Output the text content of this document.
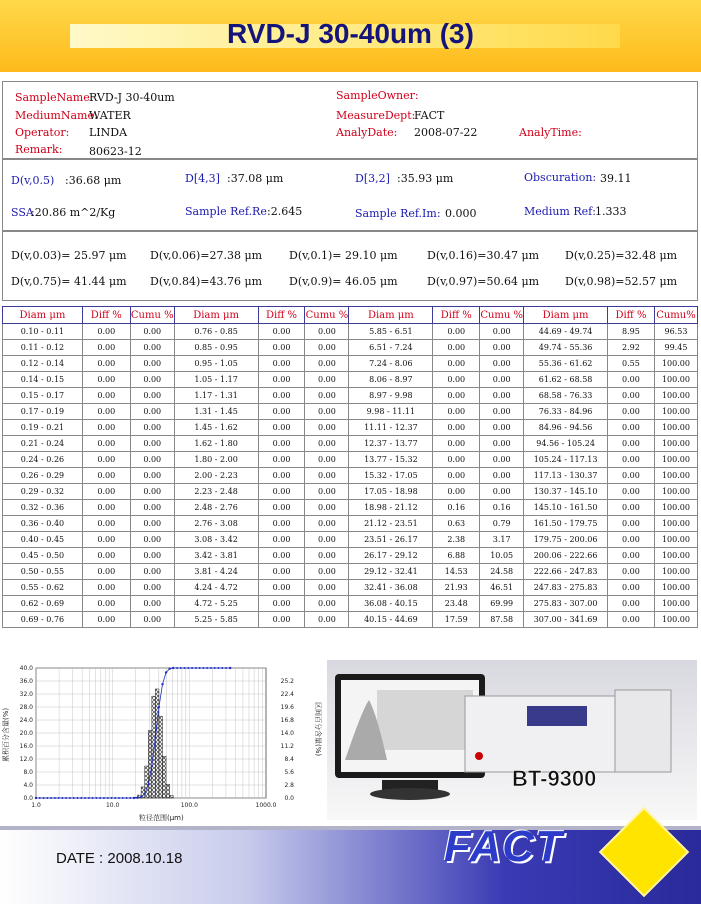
RVD-J 30-40um (3)
SampleName:
RVD-J 30-40um
MediumName:
WATER
Operator: LINDA
Remark: 80623-12
SampleOwner:
MeasureDept:
FACT
AnalyDate: 2008-07-22	AnalyTime:
D(v,0.5) :36.68 μm	D[4,3] :37.08 μm	D[3,2] :35.93 μm	Obscuration: 39.11
SSA
:20.86 m^2/Kg	Sample Ref.Re :2.645	Sample Ref.Im: 0.000	Medium Ref: 1.333
D(v,0.03)= 25.97 μm D(v,0.06)=27.38 μm D(v,0.1)= 29.10 μm	D(v,0.16)=30.47 μm D(v,0.25)=32.48 μm
D(v,0.75)= 41.44 μm D(v,0.84)=43.76 μm D(v,0.9)= 46.05 μm	D(v,0.97)=50.64 μm D(v,0.98)=52.57 μm
Diam μm	Diff %	Cumu %	Diam μm	Diff %	Cumu %	Diam μm	Diff %	Cumu %	Diam μm	Diff %	Cumu%
0.10 - 0.11	0.00	0.00	0.76 - 0.85	0.00	0.00	5.85 - 6.51	0.00	0.00	44.69 - 49.74	8.95	96.53
0.11 - 0.12	0.00	0.00	0.85 - 0.95	0.00	0.00	6.51 - 7.24	0.00	0.00	49.74 - 55.36	2.92	99.45
0.12 - 0.14	0.00	0.00	0.95 - 1.05	0.00	0.00	7.24 - 8.06	0.00	0.00	55.36 - 61.62	0.55	100.00
0.14 - 0.15	0.00	0.00	1.05 - 1.17	0.00	0.00	8.06 - 8.97	0.00	0.00	61.62 - 68.58	0.00	100.00
0.15 - 0.17	0.00	0.00	1.17 - 1.31	0.00	0.00	8.97 - 9.98	0.00	0.00	68.58 - 76.33	0.00	100.00
0.17 - 0.19	0.00	0.00	1.31 - 1.45	0.00	0.00	9.98 - 11.11	0.00	0.00	76.33 - 84.96	0.00	100.00
0.19 - 0.21	0.00	0.00	1.45 - 1.62	0.00	0.00	11.11 - 12.37	0.00	0.00	84.96 - 94.56	0.00	100.00
0.21 - 0.24	0.00	0.00	1.62 - 1.80	0.00	0.00	12.37 - 13.77	0.00	0.00	94.56 - 105.24	0.00	100.00
0.24 - 0.26	0.00	0.00	1.80 - 2.00	0.00	0.00	13.77 - 15.32	0.00	0.00	105.24 - 117.13	0.00	100.00
0.26 - 0.29	0.00	0.00	2.00 - 2.23	0.00	0.00	15.32 - 17.05	0.00	0.00	117.13 - 130.37	0.00	100.00
0.29 - 0.32	0.00	0.00	2.23 - 2.48	0.00	0.00	17.05 - 18.98	0.00	0.00	130.37 - 145.10	0.00	100.00
0.32 - 0.36	0.00	0.00	2.48 - 2.76	0.00	0.00	18.98 - 21.12	0.16	0.16	145.10 - 161.50	0.00	100.00
0.36 - 0.40	0.00	0.00	2.76 - 3.08	0.00	0.00	21.12 - 23.51	0.63	0.79	161.50 - 179.75	0.00	100.00
0.40 - 0.45	0.00	0.00	3.08 - 3.42	0.00	0.00	23.51 - 26.17	2.38	3.17	179.75 - 200.06	0.00	100.00
0.45 - 0.50	0.00	0.00	3.42 - 3.81	0.00	0.00	26.17 - 29.12	6.88	10.05	200.06 - 222.66	0.00	100.00
0.50 - 0.55	0.00	0.00	3.81 - 4.24	0.00	0.00	29.12 - 32.41	14.53	24.58	222.66 - 247.83	0.00	100.00
0.55 - 0.62	0.00	0.00	4.24 - 4.72	0.00	0.00	32.41 - 36.08	21.93	46.51	247.83 - 275.83	0.00	100.00
0.62 - 0.69	0.00	0.00	4.72 - 5.25	0.00	0.00	36.08 - 40.15	23.48	69.99	275.83 - 307.00	0.00	100.00
0.69 - 0.76	0.00	0.00	5.25 - 5.85	0.00	0.00	40.15 - 44.69	17.59	87.58	307.00 - 341.69	0.00	100.00
累积百分含量(%)	区间百分含量(%)
粒径范围(μm)
0.0
4.0
8.0
12.0
16.0
20.0
24.0
28.0
32.0
36.0
40.0
0.0
2.8
5.6
8.4
11.2
14.0
16.8
19.6
22.4
25.2
1.0	10.0	100.0	1000.0
BT-9300
DATE : 2008.10.18	FACT
